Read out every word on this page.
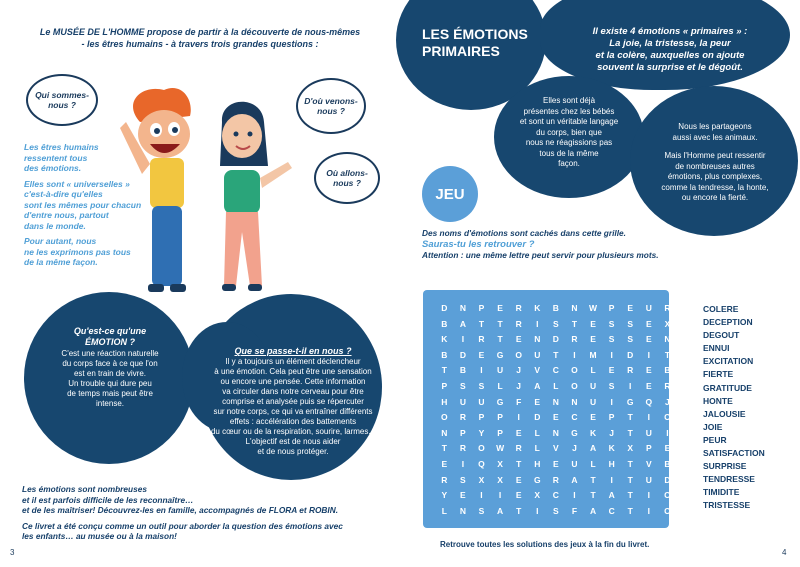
Le MUSÉE DE L'HOMME propose de partir à la découverte de nous-mêmes
- les êtres humains - à travers trois grandes questions :
Qui sommes-
nous ?	D'où venons-
nous ?
Où allons-
nous ?
Les êtres humains
ressentent tous
des émotions.
Elles sont « universelles »
c'est-à-dire qu'elles
sont les mêmes pour chacun
d'entre nous, partout
dans le monde.
Pour autant, nous
ne les exprimons pas tous
de la même façon.
Qu'est-ce qu'une
ÉMOTION ?
C'est une réaction naturelle
du corps face à ce que l'on
est en train de vivre.
Un trouble qui dure peu
de temps mais peut être
intense.
Que se passe-t-il en nous ?
Il y a toujours un élément déclencheur
à une émotion. Cela peut être une sensation
ou encore une pensée. Cette information
va circuler dans notre cerveau pour être
comprise et analysée puis se répercuter
sur notre corps, ce qui va entraîner différents
effets : accélération des battements
du cœur ou de la respiration, sourire, larmes...
L'objectif est de nous aider
et de nous protéger.
Les émotions sont nombreuses
et il est parfois difficile de les reconnaître…
et de les maîtriser! Découvrez-les en famille, accompagnés de FLORA et ROBIN.
Ce livret a été conçu comme un outil pour aborder la question des émotions avec
les enfants… au musée ou à la maison!
3
LES ÉMOTIONS
PRIMAIRES
Il existe 4 émotions « primaires » :
La joie, la tristesse, la peur
et la colère, auxquelles on ajoute
souvent la surprise et le dégoût.
Elles sont déjà
présentes chez les bébés
et sont un véritable langage
du corps, bien que
nous ne réagissions pas
tous de la même
façon.
Nous les partageons
aussi avec les animaux.
Mais l'Homme peut ressentir
de nombreuses autres
émotions, plus complexes,
comme la tendresse, la honte,
ou encore la fierté.
JEU
Des noms d'émotions sont cachés dans cette grille.
Sauras-tu les retrouver ?
Attention : une même lettre peut servir pour plusieurs mots.
D	N	P	E	R	K	B	N	W	P	E	U	R	J
B	A	T	T	R	I	S	T	E	S	S	E	X	K
K	I	R	T	E	N	D	R	E	S	S	E	N	B
B	D	E	G	O	U	T	I	M	I	D	I	T	E
T	B	I	U	J	V	C	O	L	E	R	E	B	I
P	S	S	L	J	A	L	O	U	S	I	E	R	D
H	U	U	G	F	E	N	N	U	I	G	Q	J	R
O	R	P	P	I	D	E	C	E	P	T	I	O	N
N	P	Y	P	E	L	N	G	K	J	T	U	I	W
T	R	O	W	R	L	V	J	A	K	X	P	E	Q
E	I	Q	X	T	H	E	U	L	H	T	V	B	A
R	S	X	X	E	G	R	A	T	I	T	U	D	E
Y	E	I	I	E	X	C	I	T	A	T	I	O	N
L	N	S	A	T	I	S	F	A	C	T	I	O	N
COLERE
DECEPTION
DEGOUT
ENNUI
EXCITATION
FIERTE
GRATITUDE
HONTE
JALOUSIE
JOIE
PEUR
SATISFACTION
SURPRISE
TENDRESSE
TIMIDITE
TRISTESSE
Retrouve toutes les solutions des jeux à la fin du livret.
4
